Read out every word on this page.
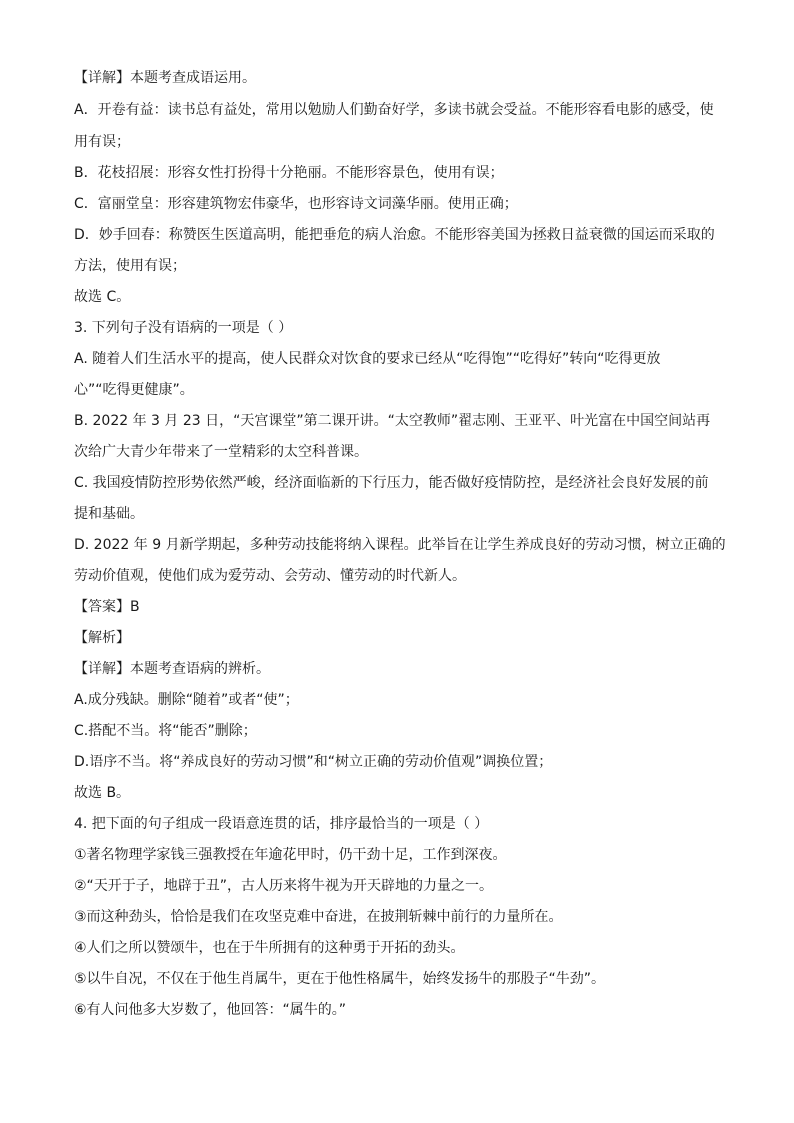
【详解】本题考查成语运用。
A．开卷有益：读书总有益处，常用以勉励人们勤奋好学，多读书就会受益。不能形容看电影的感受，使
用有误；
B．花枝招展：形容女性打扮得十分艳丽。不能形容景色，使用有误；
C．富丽堂皇：形容建筑物宏伟豪华，也形容诗文词藻华丽。使用正确；
D．妙手回春：称赞医生医道高明，能把垂危的病人治愈。不能形容美国为拯救日益衰微的国运而采取的
方法，使用有误；
故选 C。
3. 下列句子没有语病的一项是（ ）
A. 随着人们生活水平的提高，使人民群众对饮食的要求已经从“吃得饱”“吃得好”转向“吃得更放
心”“吃得更健康”。
B. 2022 年 3 月 23 日，“天宫课堂”第二课开讲。“太空教师”翟志刚、王亚平、叶光富在中国空间站再
次给广大青少年带来了一堂精彩的太空科普课。
C. 我国疫情防控形势依然严峻，经济面临新的下行压力，能否做好疫情防控，是经济社会良好发展的前
提和基础。
D. 2022 年 9 月新学期起，多种劳动技能将纳入课程。此举旨在让学生养成良好的劳动习惯，树立正确的
劳动价值观，使他们成为爱劳动、会劳动、懂劳动的时代新人。
【答案】B
【解析】
【详解】本题考查语病的辨析。
A.成分残缺。删除“随着”或者“使”；
C.搭配不当。将“能否”删除；
D.语序不当。将“养成良好的劳动习惯”和“树立正确的劳动价值观”调换位置；
故选 B。
4. 把下面的句子组成一段语意连贯的话，排序最恰当的一项是（ ）
①著名物理学家钱三强教授在年逾花甲时，仍干劲十足，工作到深夜。
②“天开于子，地辟于丑”，古人历来将牛视为开天辟地的力量之一。
③而这种劲头，恰恰是我们在攻坚克难中奋进，在披荆斩棘中前行的力量所在。
④人们之所以赞颂牛，也在于牛所拥有的这种勇于开拓的劲头。
⑤以牛自况，不仅在于他生肖属牛，更在于他性格属牛，始终发扬牛的那股子“牛劲”。
⑥有人问他多大岁数了，他回答：“属牛的。”
